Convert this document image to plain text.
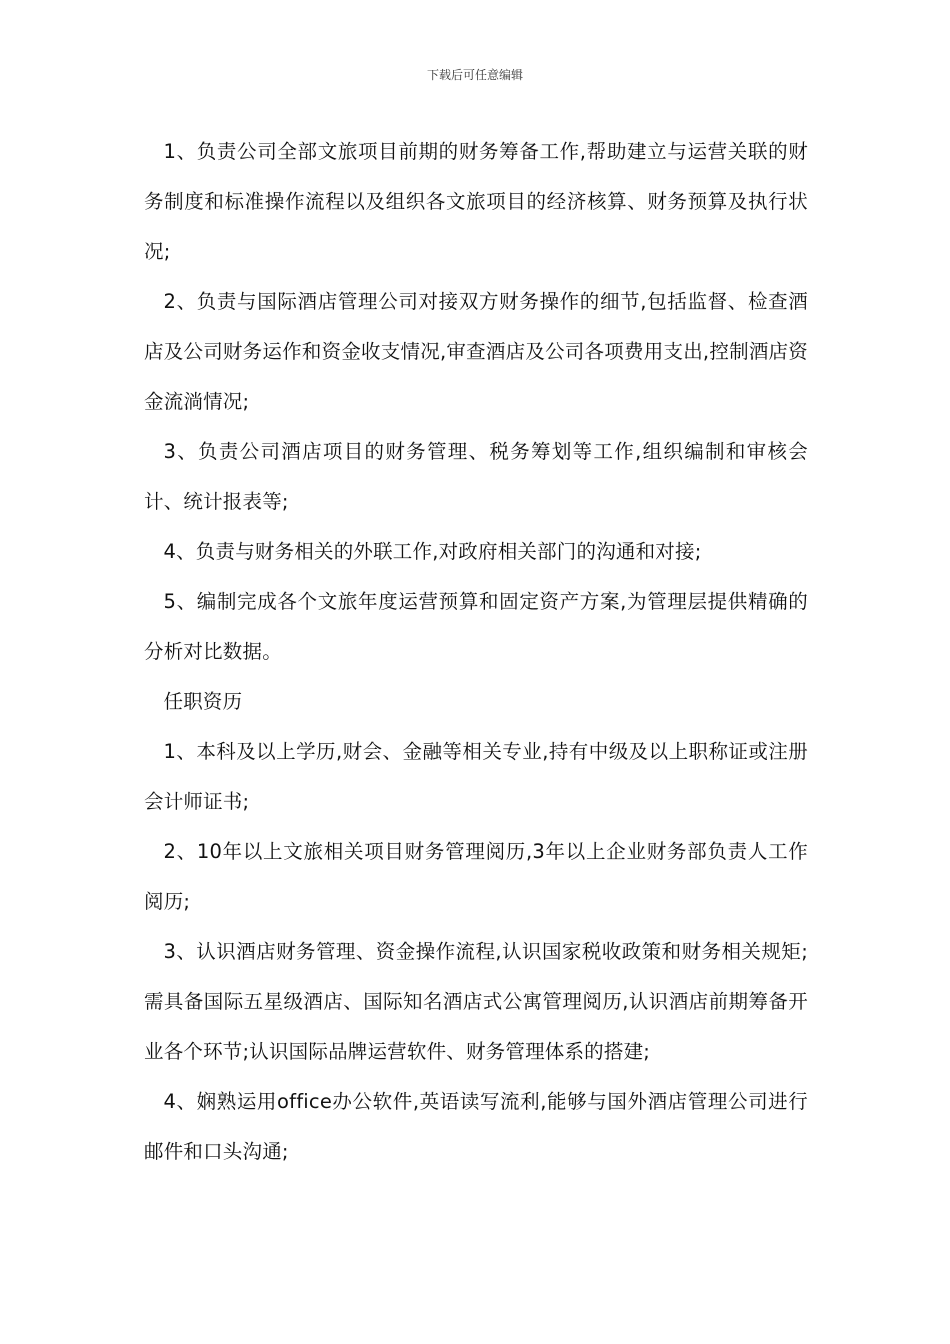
下载后可任意编辑

1、负责公司全部文旅项目前期的财务筹备工作,帮助建立与运营关联的财务制度和标准操作流程以及组织各文旅项目的经济核算、财务预算及执行状况;

2、负责与国际酒店管理公司对接双方财务操作的细节,包括监督、检查酒店及公司财务运作和资金收支情况,审查酒店及公司各项费用支出,控制酒店资金流淌情况;

3、负责公司酒店项目的财务管理、税务筹划等工作,组织编制和审核会计、统计报表等;

4、负责与财务相关的外联工作,对政府相关部门的沟通和对接;

5、编制完成各个文旅年度运营预算和固定资产方案,为管理层提供精确的分析对比数据。

任职资历

1、本科及以上学历,财会、金融等相关专业,持有中级及以上职称证或注册会计师证书;

2、10年以上文旅相关项目财务管理阅历,3年以上企业财务部负责人工作阅历;

3、认识酒店财务管理、资金操作流程,认识国家税收政策和财务相关规矩;需具备国际五星级酒店、国际知名酒店式公寓管理阅历,认识酒店前期筹备开业各个环节;认识国际品牌运营软件、财务管理体系的搭建;

4、娴熟运用office办公软件,英语读写流利,能够与国外酒店管理公司进行邮件和口头沟通;
